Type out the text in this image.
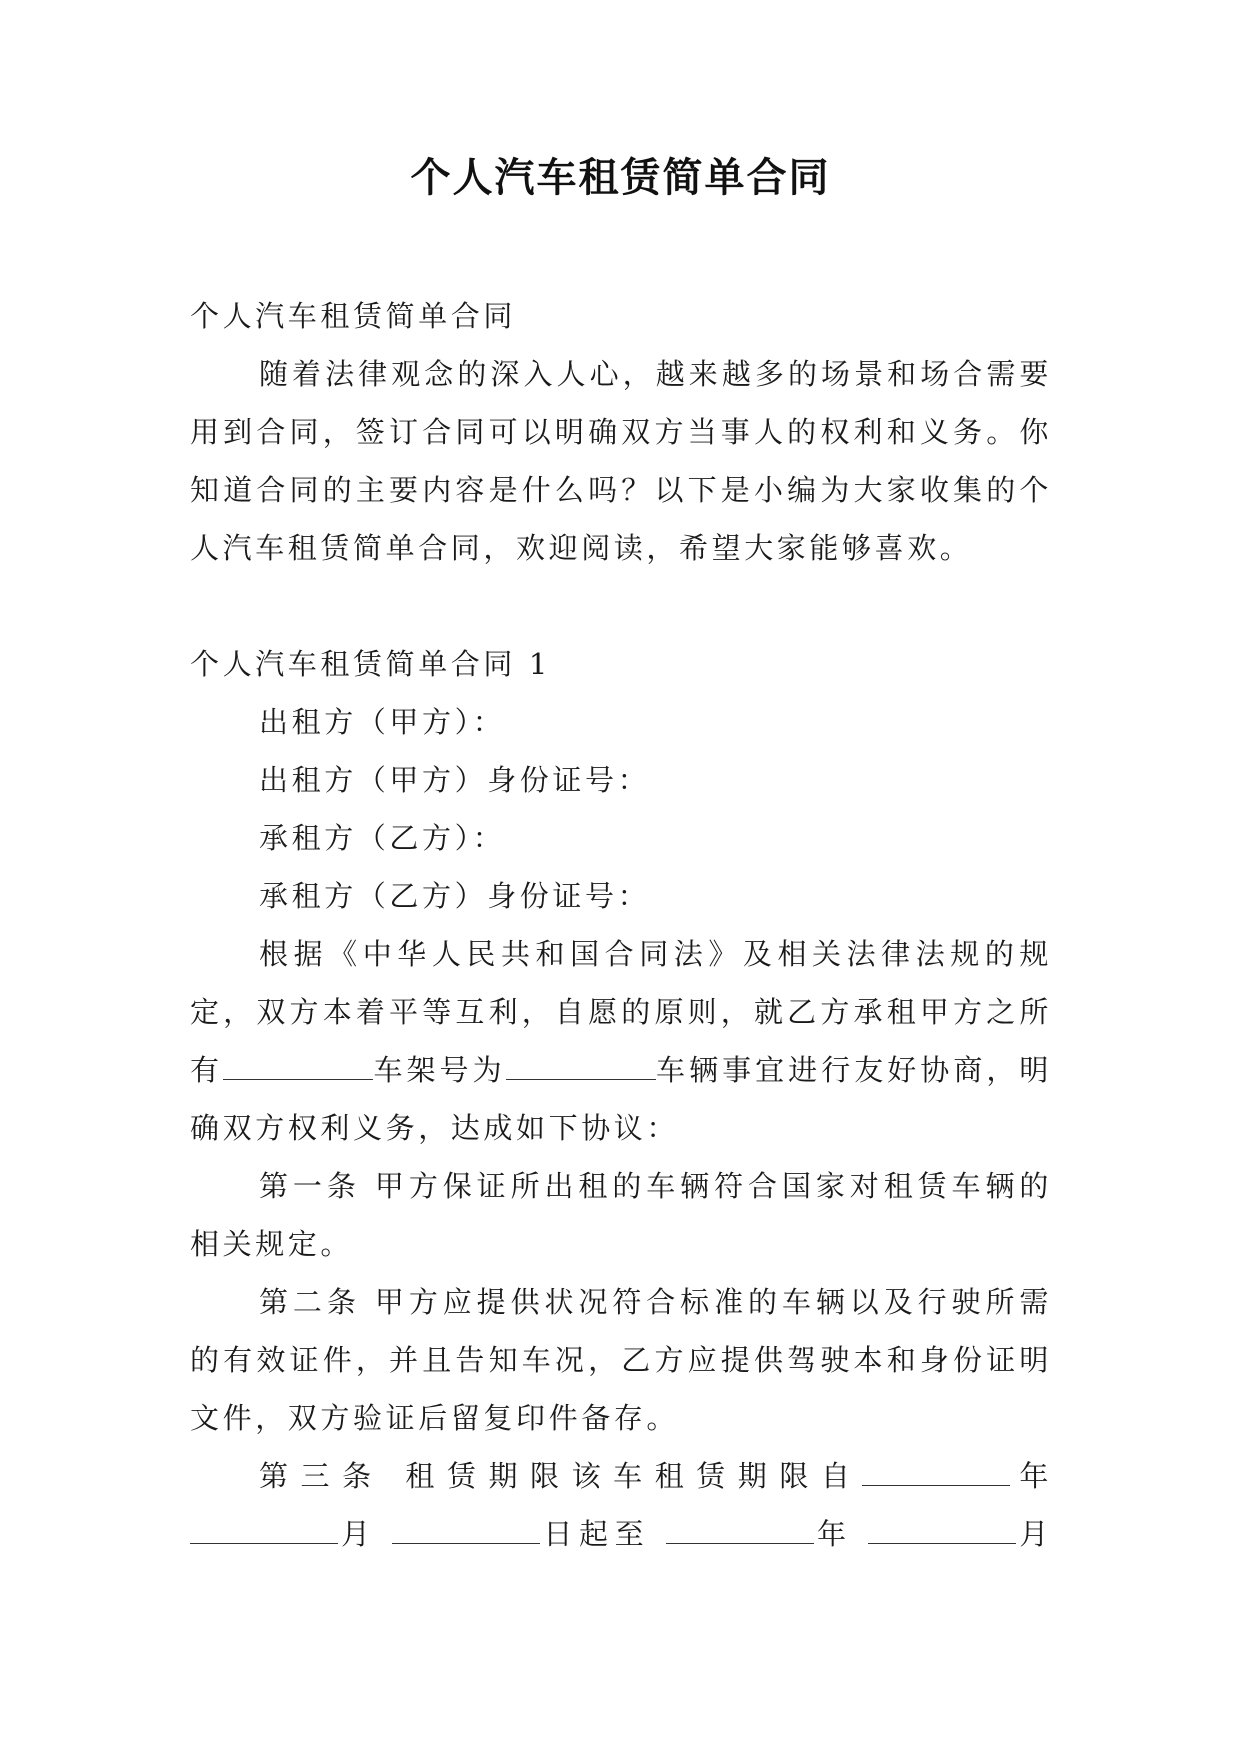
个人汽车租赁简单合同

个人汽车租赁简单合同

随着法律观念的深入人心，越来越多的场景和场合需要用到合同，签订合同可以明确双方当事人的权利和义务。你知道合同的主要内容是什么吗？以下是小编为大家收集的个人汽车租赁简单合同，欢迎阅读，希望大家能够喜欢。

个人汽车租赁简单合同 1

出租方（甲方）：

出租方（甲方）身份证号：

承租方（乙方）：

承租方（乙方）身份证号：

根据《中华人民共和国合同法》及相关法律法规的规定，双方本着平等互利，自愿的原则，就乙方承租甲方之所有	车架号为	车辆事宜进行友好协商，明确双方权利义务，达成如下协议：

第一条 甲方保证所出租的车辆符合国家对租赁车辆的相关规定。

第二条 甲方应提供状况符合标准的车辆以及行驶所需的有效证件，并且告知车况，乙方应提供驾驶本和身份证明文件，双方验证后留复印件备存。

第三条 租赁期限该车租赁期限自	年 月	日起至	年	月
